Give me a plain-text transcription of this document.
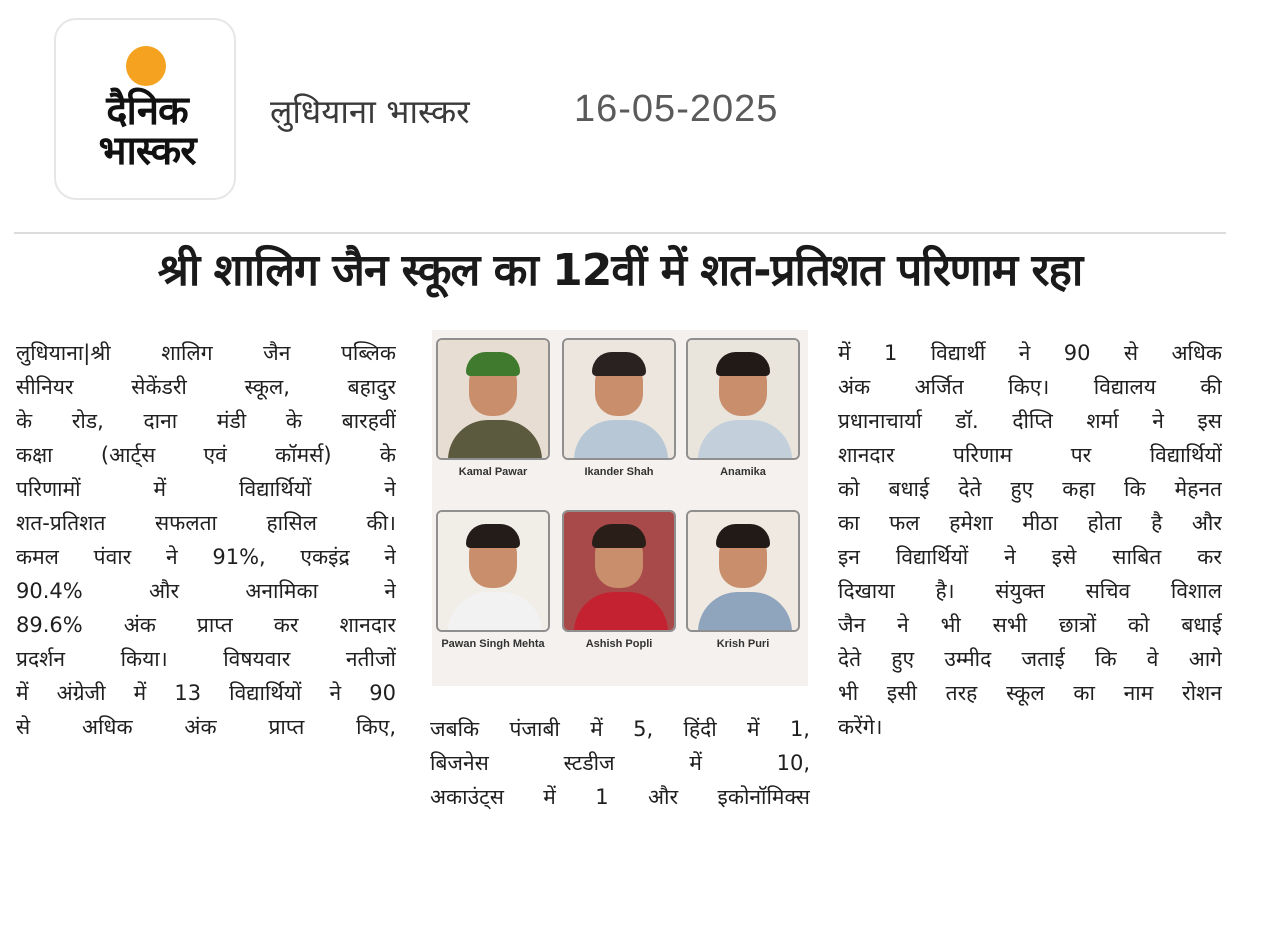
दैनिक
भास्कर
लुधियाना भास्कर	16-05-2025
श्री शालिग जैन स्कूल का 12वीं में शत-प्रतिशत परिणाम रहा
लुधियाना|श्री शालिग जैन पब्लिक
सीनियर सेकेंडरी स्कूल, बहादुर
के रोड, दाना मंडी के बारहवीं
कक्षा (आर्ट्स एवं कॉमर्स) के
परिणामों में विद्यार्थियों ने
शत-प्रतिशत सफलता हासिल की।
कमल पंवार ने 91%, एकइंद्र ने
90.4% और अनामिका ने
89.6% अंक प्राप्त कर शानदार
प्रदर्शन किया। विषयवार नतीजों
में अंग्रेजी में 13 विद्यार्थियों ने 90
से अधिक अंक प्राप्त किए,
Kamal Pawar	Ikander Shah	Anamika
Pawan Singh Mehta	Ashish Popli	Krish Puri
जबकि पंजाबी में 5, हिंदी में 1,
बिजनेस स्टडीज में 10,
अकाउंट्स में 1 और इकोनॉमिक्स
में 1 विद्यार्थी ने 90 से अधिक
अंक अर्जित किए। विद्यालय की
प्रधानाचार्या डॉ. दीप्ति शर्मा ने इस
शानदार परिणाम पर विद्यार्थियों
को बधाई देते हुए कहा कि मेहनत
का फल हमेशा मीठा होता है और
इन विद्यार्थियों ने इसे साबित कर
दिखाया है। संयुक्त सचिव विशाल
जैन ने भी सभी छात्रों को बधाई
देते हुए उम्मीद जताई कि वे आगे
भी इसी तरह स्कूल का नाम रोशन
करेंगे।
